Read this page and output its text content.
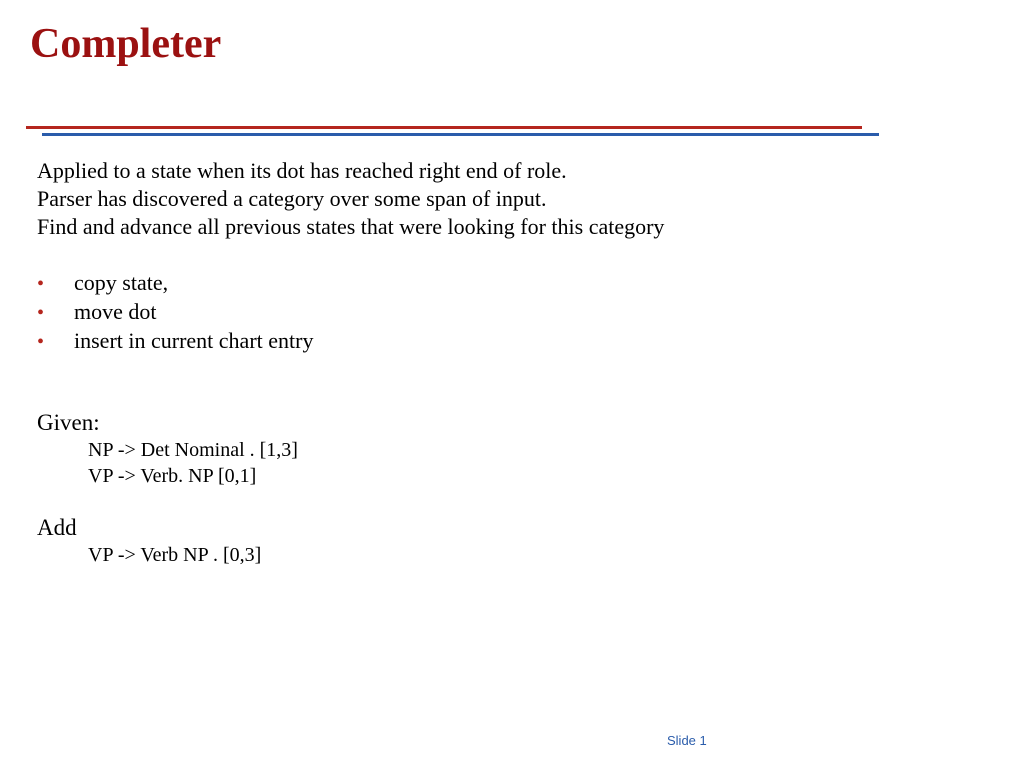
Completer
Applied to a state when its dot has reached right end of role.
Parser has discovered a category over some span of input.
Find and advance all previous states that were looking for this category
• copy state,
• move dot
• insert in current chart entry
Given:
NP -> Det Nominal . [1,3]
VP -> Verb. NP [0,1]
Add
VP -> Verb NP . [0,3]
Slide 1
